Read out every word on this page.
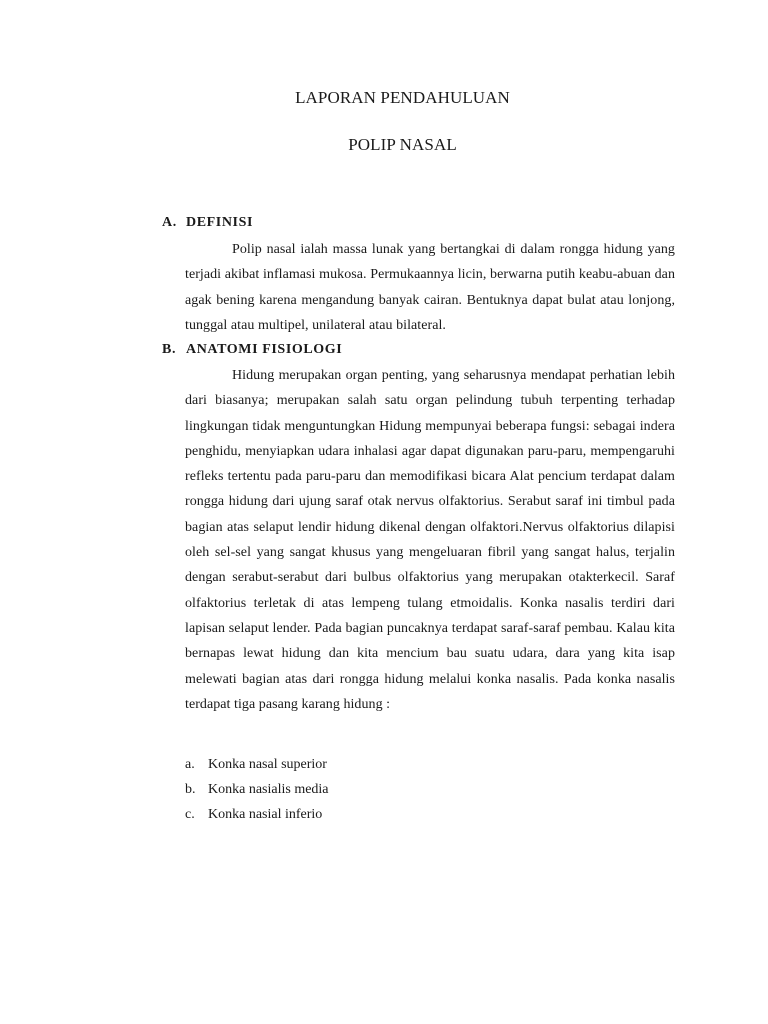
LAPORAN PENDAHULUAN
POLIP NASAL
A. DEFINISI
Polip nasal ialah massa lunak yang bertangkai di dalam rongga hidung yang terjadi akibat inflamasi mukosa. Permukaannya licin, berwarna putih keabu-abuan dan agak bening karena mengandung banyak cairan. Bentuknya dapat bulat atau lonjong, tunggal atau multipel, unilateral atau bilateral.
B. ANATOMI FISIOLOGI
Hidung merupakan organ penting, yang seharusnya mendapat perhatian lebih dari biasanya; merupakan salah satu organ pelindung tubuh terpenting terhadap lingkungan tidak menguntungkan Hidung mempunyai beberapa fungsi: sebagai indera penghidu, menyiapkan udara inhalasi agar dapat digunakan paru-paru, mempengaruhi refleks tertentu pada paru-paru dan memodifikasi bicara Alat pencium terdapat dalam rongga hidung dari ujung saraf otak nervus olfaktorius. Serabut saraf ini timbul pada bagian atas selaput lendir hidung dikenal dengan olfaktori.Nervus olfaktorius dilapisi oleh sel-sel yang sangat khusus yang mengeluaran fibril yang sangat halus, terjalin dengan serabut-serabut dari bulbus olfaktorius yang merupakan otakterkecil. Saraf olfaktorius terletak di atas lempeng tulang etmoidalis. Konka nasalis terdiri dari lapisan selaput lender. Pada bagian puncaknya terdapat saraf-saraf pembau. Kalau kita bernapas lewat hidung dan kita mencium bau suatu udara, dara yang kita isap melewati bagian atas dari rongga hidung melalui konka nasalis. Pada konka nasalis terdapat tiga pasang karang hidung :
a. Konka nasal superior
b. Konka nasialis media
c. Konka nasial inferio
